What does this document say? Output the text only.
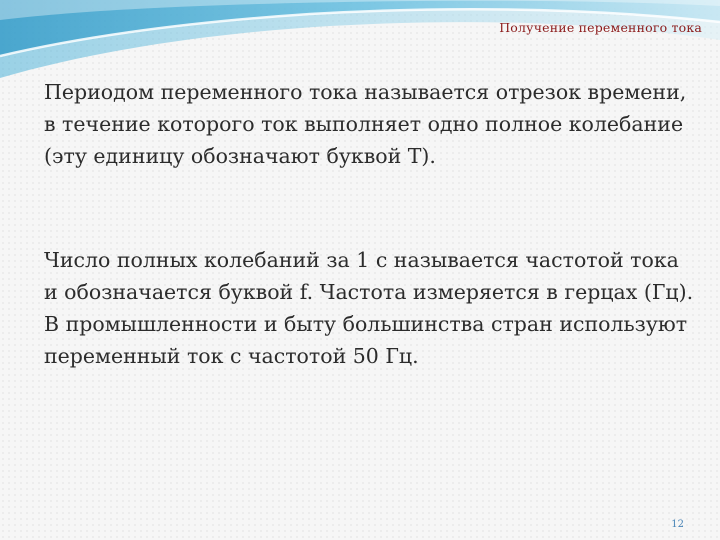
Получение переменного тока

Периодом переменного тока называется отрезок времени, в течение которого ток выполняет одно полное колебание (эту единицу обозначают буквой Т).

Число полных колебаний за 1 с называется частотой тока и обозначается буквой f. Частота измеряется в герцах (Гц). В промышленности и быту большинства стран используют переменный ток с частотой 50 Гц.

12
